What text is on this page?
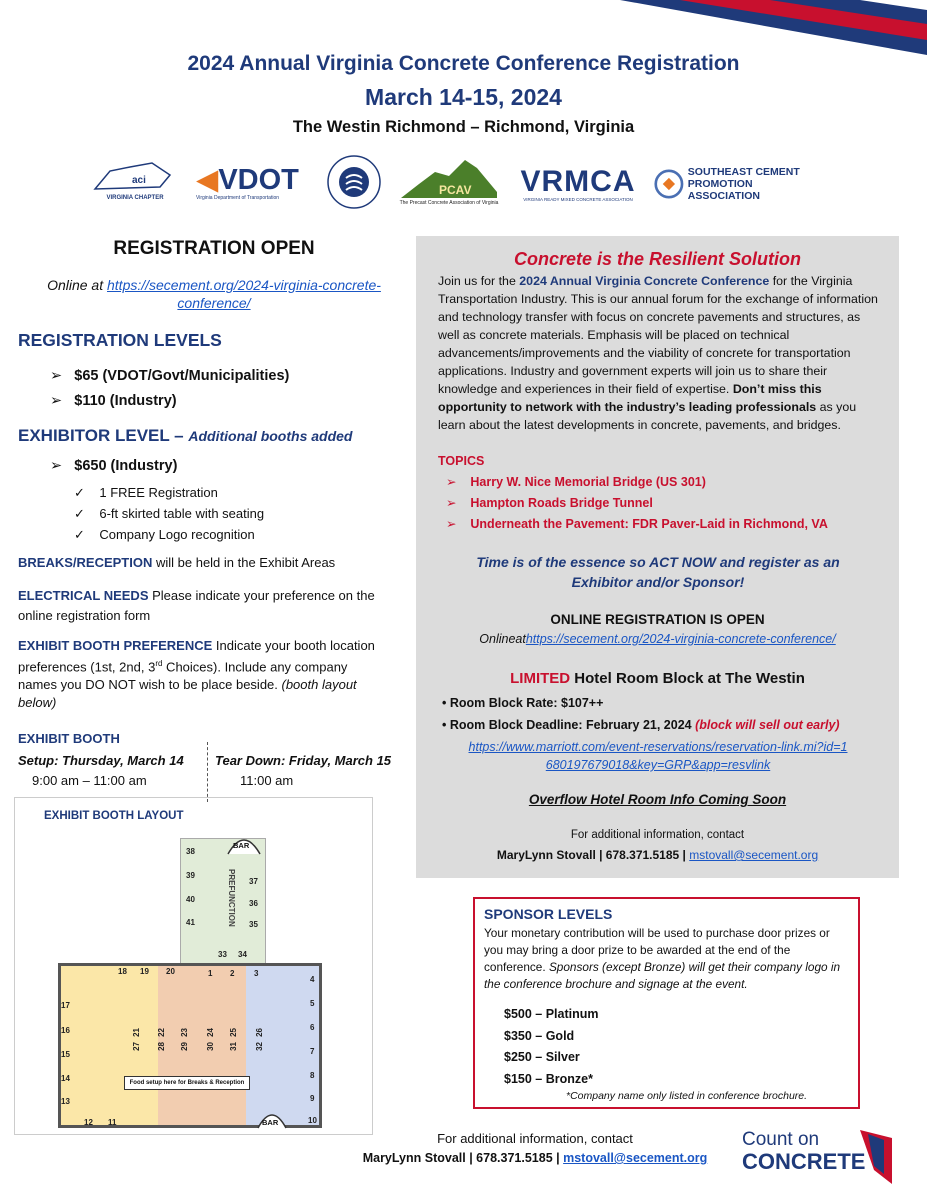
2024 Annual Virginia Concrete Conference Registration
March 14-15, 2024
The Westin Richmond – Richmond, Virginia
aci
VIRGINIA CHAPTER
◀VDOT
Virginia Department of Transportation
PCAV
The Precast Concrete Association of Virginia
VRMCA
VIRGINIA READY MIXED CONCRETE ASSOCIATION
SOUTHEAST CEMENT
PROMOTION ASSOCIATION
REGISTRATION OPEN
Online at https://secement.org/2024-virginia-concrete-conference/
REGISTRATION LEVELS
➢ $65 (VDOT/Govt/Municipalities)
➢ $110 (Industry)
EXHIBITOR LEVEL – Additional booths added
➢ $650 (Industry)
✓ 1 FREE Registration
✓ 6-ft skirted table with seating
✓ Company Logo recognition
BREAKS/RECEPTION will be held in the Exhibit Areas
ELECTRICAL NEEDS Please indicate your preference on the online registration form
EXHIBIT BOOTH PREFERENCE Indicate your booth location preferences (1st, 2nd, 3rd Choices). Include any company names you DO NOT wish to be place beside. (booth layout below)
EXHIBIT BOOTH
Setup: Thursday, March 14
9:00 am – 11:00 am
Tear Down: Friday, March 15
11:00 am
EXHIBIT BOOTH LAYOUT
PREFUNCTION
BAR
BAR
Food setup here for Breaks & Reception
38
39
40
41
37
36
35
33 34
18 19 20	1 2 3
4
5
6
7
8
9
10
11
12
13
14
15
16
17
21
27
22
28
23
29
24
30
25
31
26
32
Concrete is the Resilient Solution
Join us for the 2024 Annual Virginia Concrete Conference for the Virginia Transportation Industry. This is our annual forum for the exchange of information and technology transfer with focus on concrete pavements and structures, as well as concrete materials. Emphasis will be placed on technical advancements/improvements and the viability of concrete for transportation applications. Industry and government experts will join us to share their knowledge and experiences in their field of expertise. Don’t miss this opportunity to network with the industry’s leading professionals as you learn about the latest developments in concrete, pavements, and bridges.
TOPICS
➢ Harry W. Nice Memorial Bridge (US 301)
➢ Hampton Roads Bridge Tunnel
➢ Underneath the Pavement: FDR Paver-Laid in Richmond, VA
Time is of the essence so ACT NOW and register as an Exhibitor and/or Sponsor!
ONLINE REGISTRATION IS OPEN
Onlineathttps://secement.org/2024-virginia-concrete-conference/
LIMITED Hotel Room Block at The Westin
• Room Block Rate: $107++
• Room Block Deadline: February 21, 2024 (block will sell out early)
https://www.marriott.com/event-reservations/reservation-link.mi?id=1680197679018&key=GRP&app=resvlink
Overflow Hotel Room Info Coming Soon
For additional information, contact
MaryLynn Stovall | 678.371.5185 | mstovall@secement.org
SPONSOR LEVELS
Your monetary contribution will be used to purchase door prizes or you may bring a door prize to be awarded at the end of the conference. Sponsors (except Bronze) will get their company logo in the conference brochure and signage at the event.
$500 – Platinum
$350 – Gold
$250 – Silver
$150 – Bronze*
*Company name only listed in conference brochure.
For additional information, contact
MaryLynn Stovall | 678.371.5185 | mstovall@secement.org
Count on
CONCRETE
